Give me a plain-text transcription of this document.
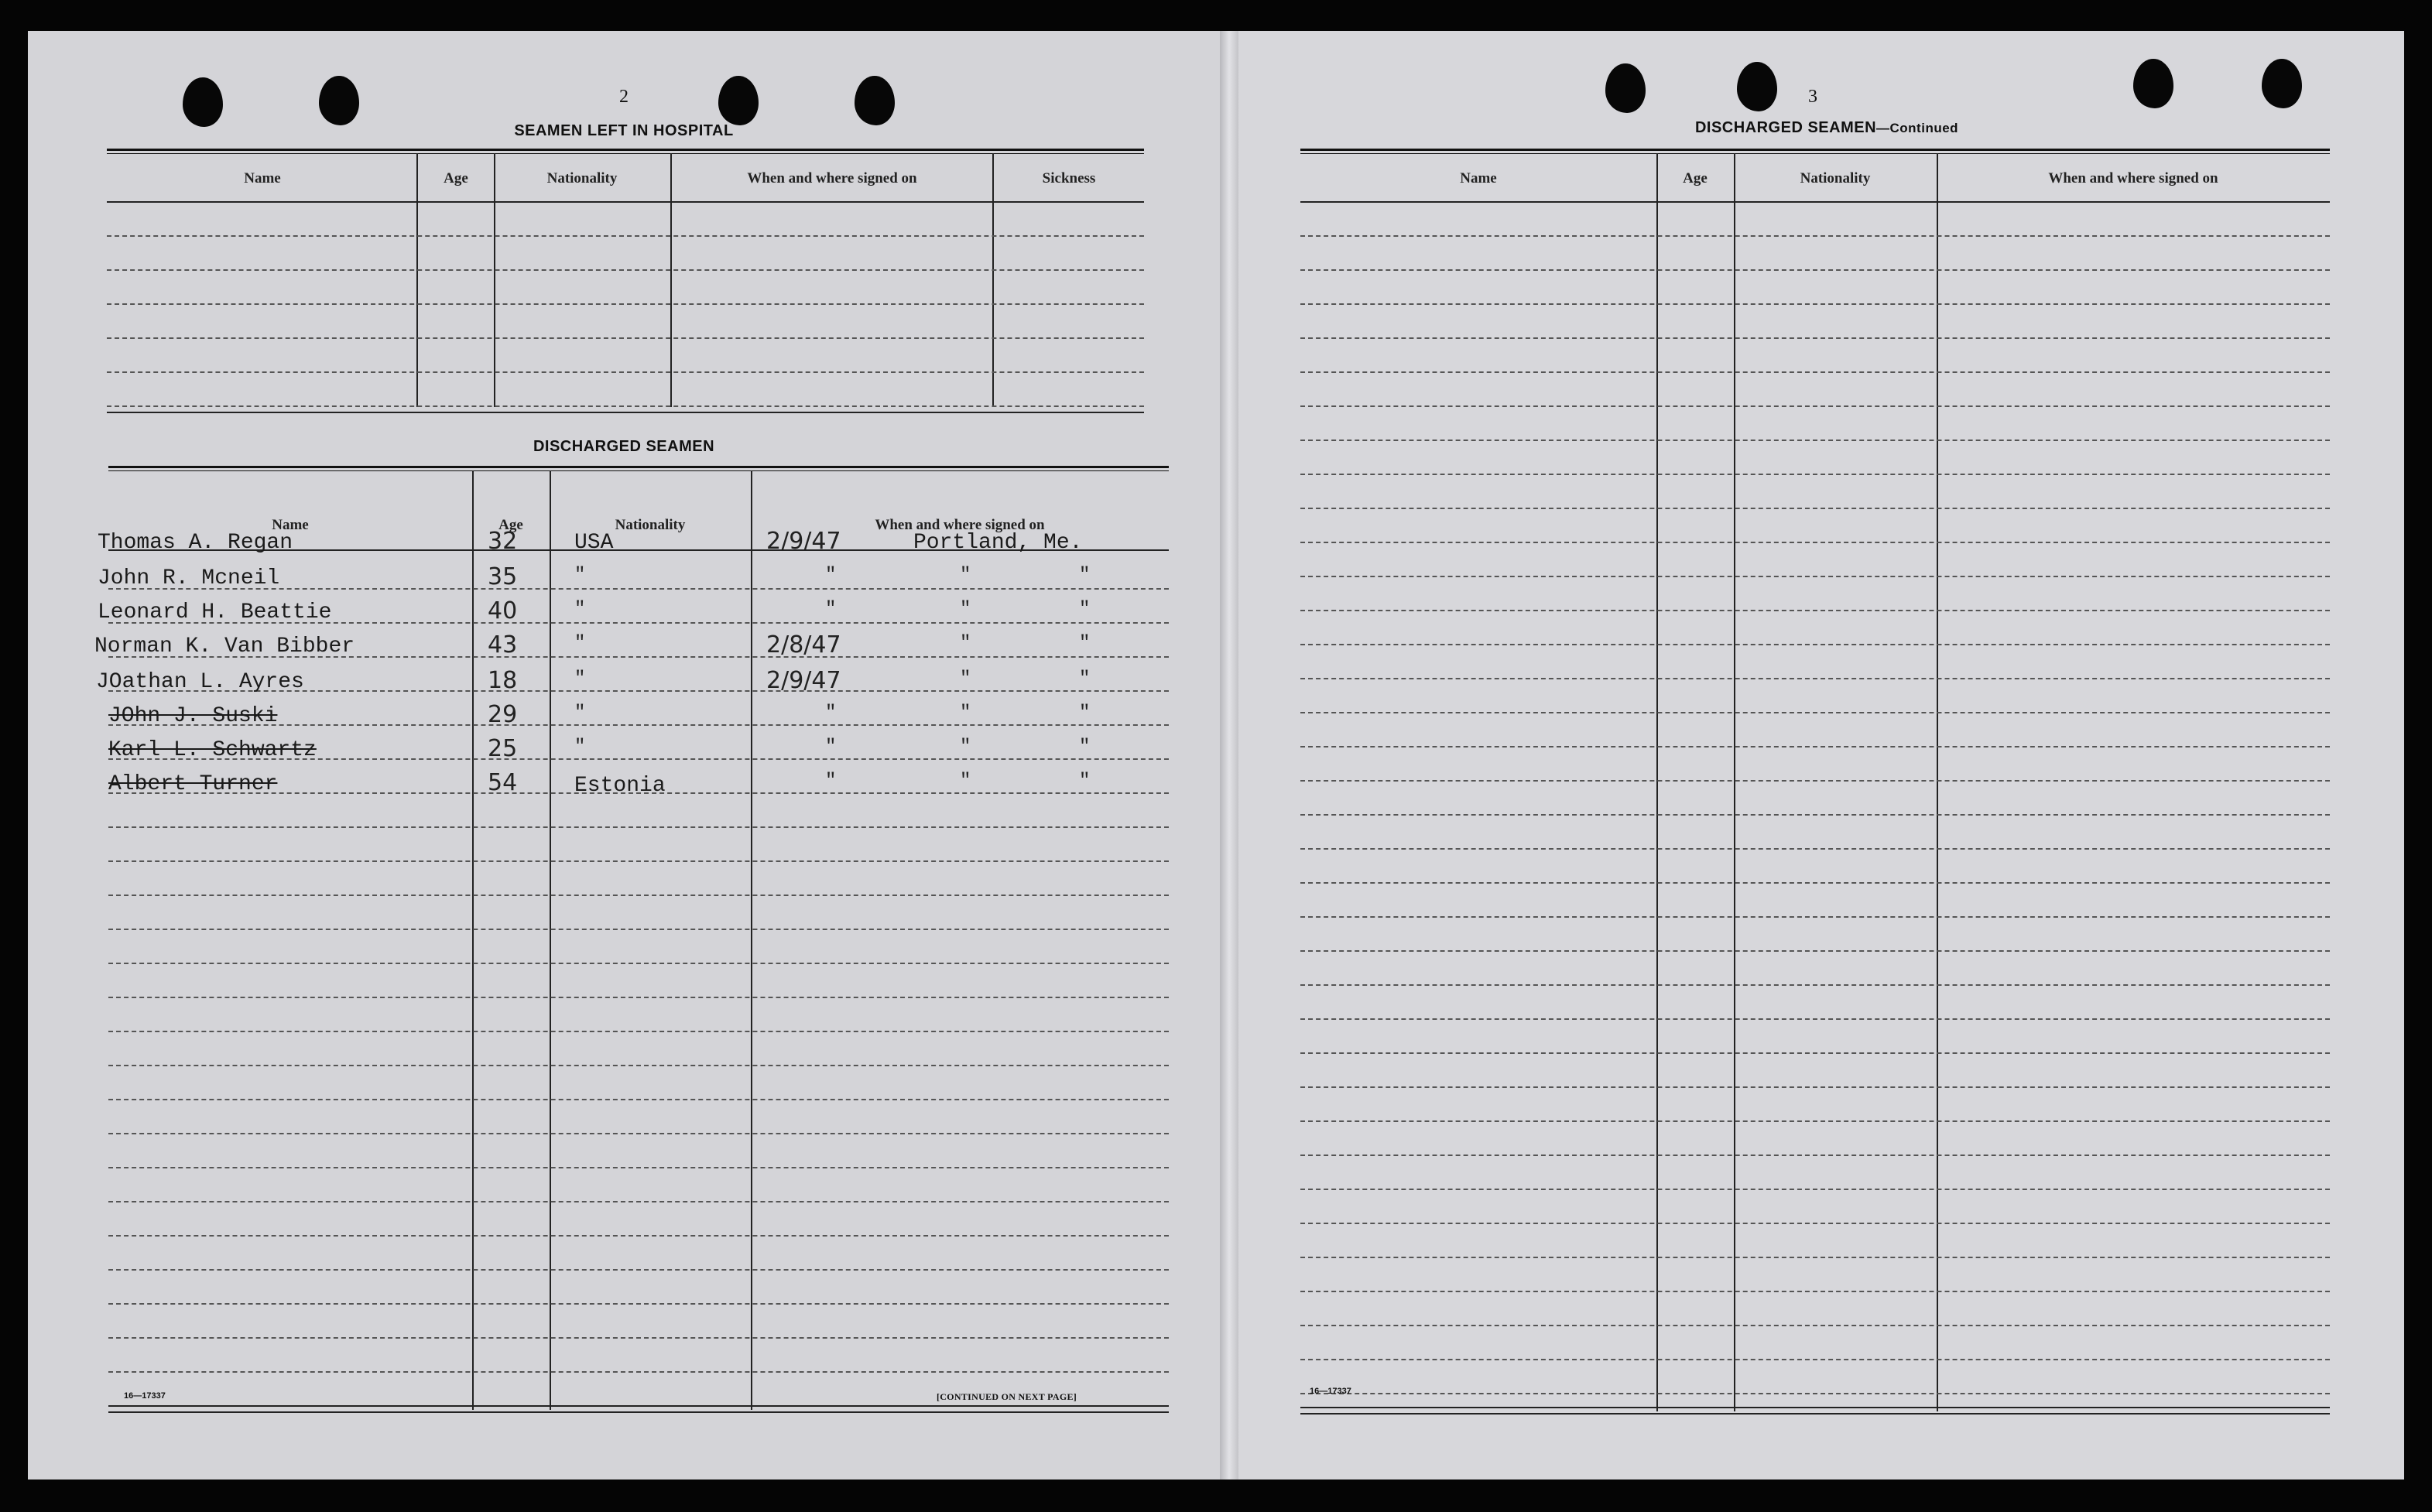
2
SEAMEN LEFT IN HOSPITAL
Name	Age	Nationality	When and where signed on	Sickness
DISCHARGED SEAMEN
Name	Age	Nationality	When and where signed on
Thomas A. Regan	32	USA	2/9/47	Portland, Me.
John R. Mcneil	35	"	"	"	"
Leonard H. Beattie	40	"	"	"	"
Norman K. Van Bibber	43	"	2/8/47	"	"
JOathan L. Ayres	18	"	2/9/47	"	"
JOhn J. Suski	29	"	"	"	"
Karl L. Schwartz	25	"	"	"	"
Albert Turner	54	Estonia	"	"	"
16—17337	[CONTINUED ON NEXT PAGE]
3
DISCHARGED SEAMEN—Continued
Name	Age	Nationality	When and where signed on
16—17337
